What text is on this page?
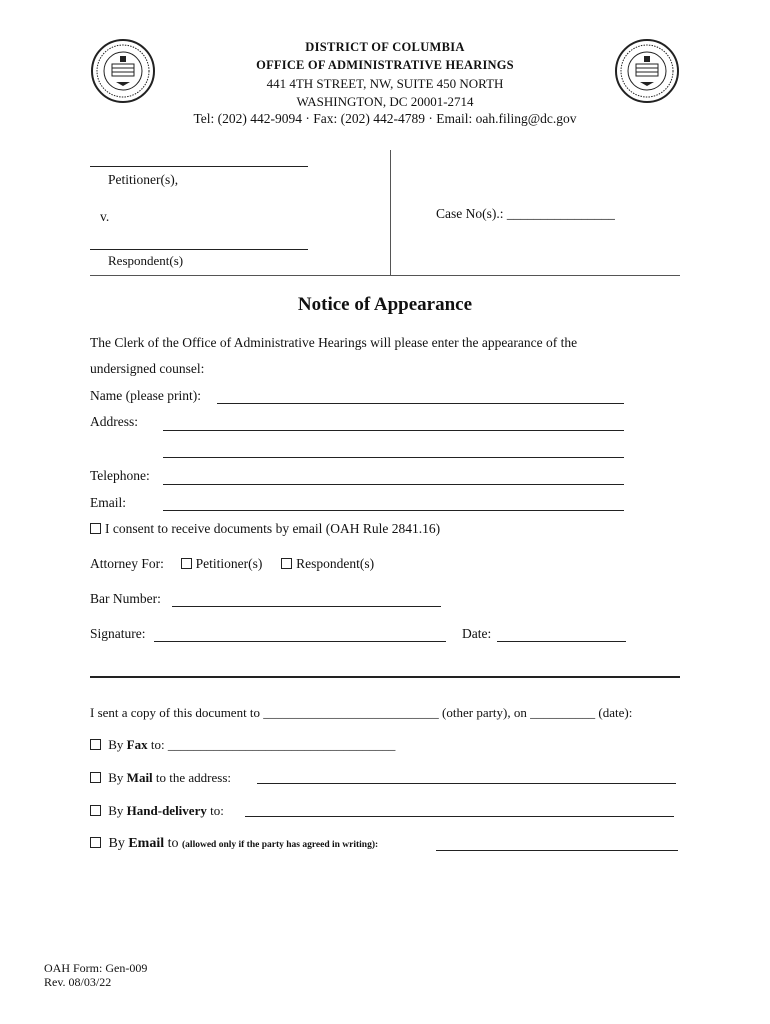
DISTRICT OF COLUMBIA
OFFICE OF ADMINISTRATIVE HEARINGS
441 4TH STREET, NW, SUITE 450 NORTH
WASHINGTON, DC 20001-2714
Tel: (202) 442-9094 · Fax: (202) 442-4789 · Email: oah.filing@dc.gov
Petitioner(s),
v.	Case No(s).: ________________
Respondent(s)
Notice of Appearance
The Clerk of the Office of Administrative Hearings will please enter the appearance of the
undersigned counsel:
Name (please print):
Address:
Telephone:
Email:
I consent to receive documents by email (OAH Rule 2841.16)
Attorney For: Petitioner(s)	Respondent(s)
Bar Number:
Signature:	Date:
I sent a copy of this document to ___________________________ (other party), on __________ (date):
By Fax to: ___________________________________
By Mail to the address:
By Hand-delivery to:
By Email to (allowed only if the party has agreed in writing):
OAH Form: Gen-009
Rev. 08/03/22
